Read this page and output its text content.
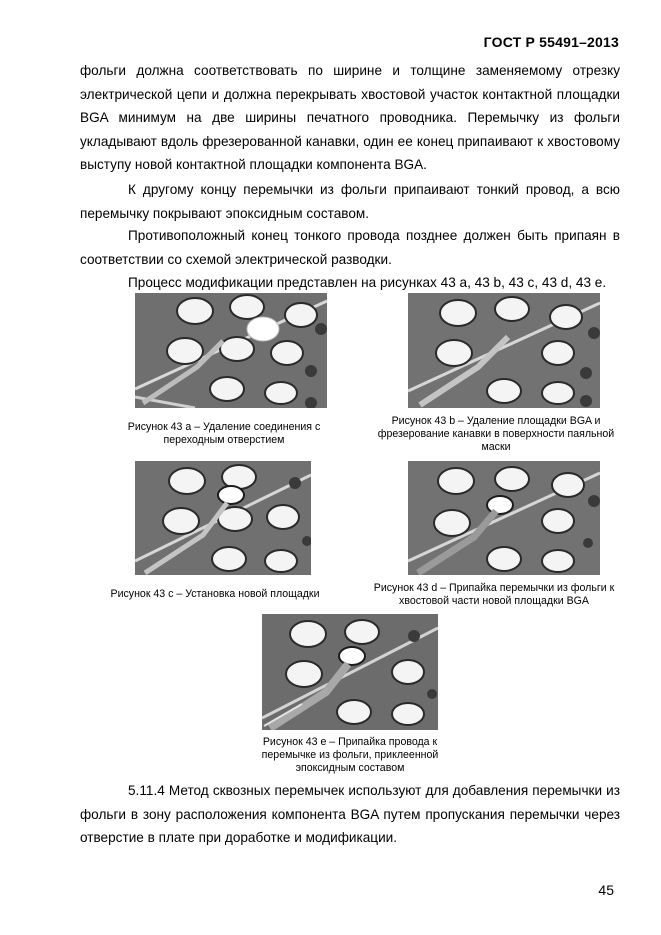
ГОСТ Р 55491–2013
фольги должна соответствовать по ширине и толщине заменяемому отрезку электрической цепи и должна перекрывать хвостовой участок контактной площадки BGA минимум на две ширины печатного проводника. Перемычку из фольги укладывают вдоль фрезерованной канавки, один ее конец припаивают к хвостовому выступу новой контактной площадки компонента BGA.
К другому концу перемычки из фольги припаивают тонкий провод, а всю перемычку покрывают эпоксидным составом.
Противоположный конец тонкого провода позднее должен быть припаян в соответствии со схемой электрической разводки.
Процесс модификации представлен на рисунках 43 a, 43 b, 43 c, 43 d, 43 e.
Рисунок 43 а – Удаление соединения с переходным отверстием
Рисунок 43 b – Удаление площадки BGA и фрезерование канавки в поверхности паяльной маски
Рисунок 43 c – Установка новой площадки	Рисунок 43 d – Припайка перемычки из фольги к хвостовой части новой площадки BGA
Рисунок 43 e – Припайка провода к перемычке из фольги, приклеенной эпоксидным составом
5.11.4 Метод сквозных перемычек используют для добавления перемычки из фольги в зону расположения компонента BGA путем пропускания перемычки через отверстие в плате при доработке и модификации.
45
